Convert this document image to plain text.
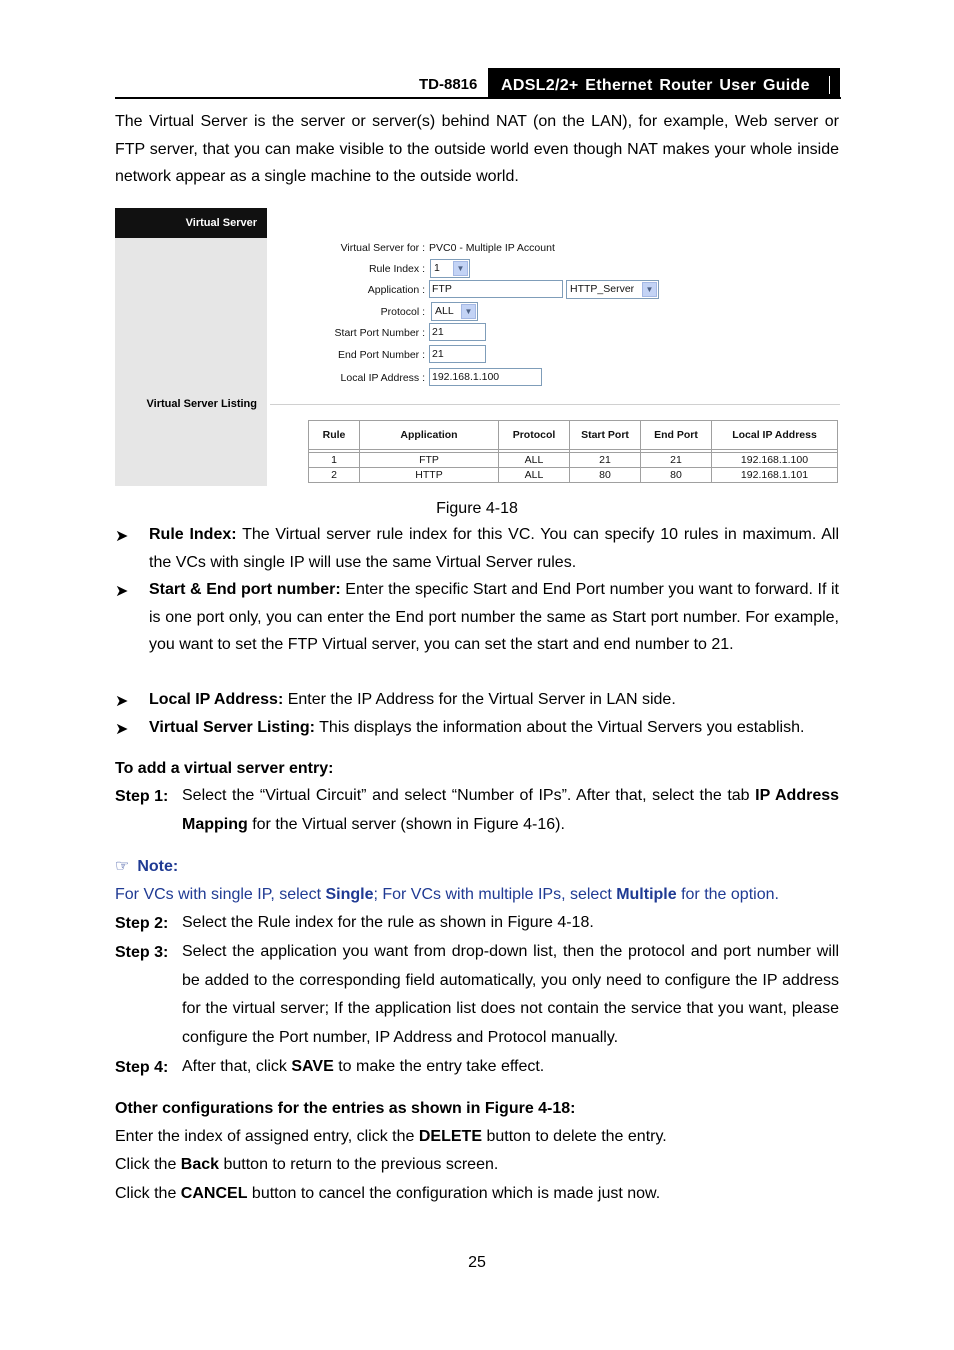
TD-8816 ADSL2/2+ Ethernet Router User Guide
The Virtual Server is the server or server(s) behind NAT (on the LAN), for example, Web server or FTP server, that you can make visible to the outside world even though NAT makes your whole inside network appear as a single machine to the outside world.
Virtual Server
Virtual Server Listing
Virtual Server for : PVC0 - Multiple IP Account
Rule Index : 1	▼
Application : FTP	HTTP_Server	▼
Protocol : ALL	▼
Start Port Number : 21
End Port Number : 21
Local IP Address : 192.168.1.100
Rule	Application	Protocol	Start Port	End Port	Local IP Address

1	FTP	ALL	21	21	192.168.1.100
2	HTTP	ALL	80	80	192.168.1.101
Figure 4-18
➤ Rule Index: The Virtual server rule index for this VC. You can specify 10 rules in maximum. All the VCs with single IP will use the same Virtual Server rules.
➤ Start & End port number: Enter the specific Start and End Port number you want to forward. If it is one port only, you can enter the End port number the same as Start port number. For example, you want to set the FTP Virtual server, you can set the start and end number to 21.
➤ Local IP Address: Enter the IP Address for the Virtual Server in LAN side.
➤ Virtual Server Listing: This displays the information about the Virtual Servers you establish.
To add a virtual server entry:
Step 1: Select the “Virtual Circuit” and select “Number of IPs”. After that, select the tab IP Address Mapping for the Virtual server (shown in Figure 4-16).
☞ Note:
For VCs with single IP, select Single; For VCs with multiple IPs, select Multiple for the option.
Step 2: Select the Rule index for the rule as shown in Figure 4-18.
Step 3: Select the application you want from drop-down list, then the protocol and port number will be added to the corresponding field automatically, you only need to configure the IP address for the virtual server; If the application list does not contain the service that you want, please configure the Port number, IP Address and Protocol manually.
Step 4: After that, click SAVE to make the entry take effect.
Other configurations for the entries as shown in Figure 4-18:
Enter the index of assigned entry, click the DELETE button to delete the entry.
Click the Back button to return to the previous screen.
Click the CANCEL button to cancel the configuration which is made just now.
25
